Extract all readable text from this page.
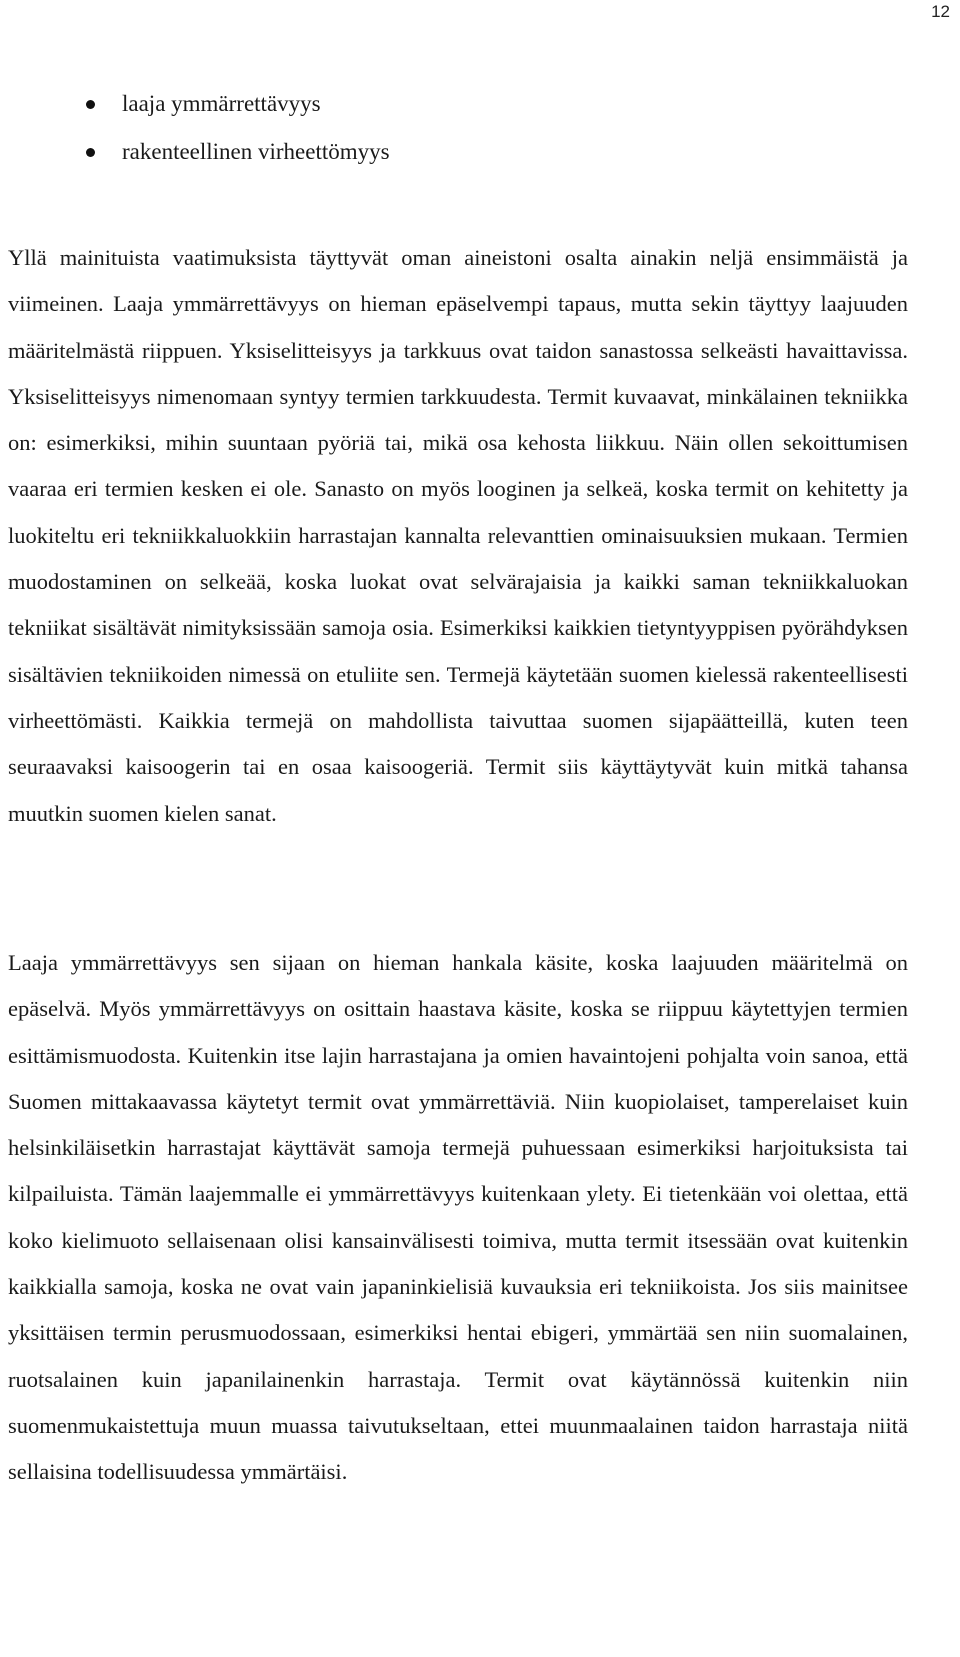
12
laaja ymmärrettävyys
rakenteellinen virheettömyys

Yllä mainituista vaatimuksista täyttyvät oman aineistoni osalta ainakin neljä ensimmäistä ja viimeinen. Laaja ymmärrettävyys on hieman epäselvempi tapaus, mutta sekin täyttyy laajuuden määritelmästä riippuen. Yksiselitteisyys ja tarkkuus ovat taidon sanastossa selkeästi havaittavissa. Yksiselitteisyys nimenomaan syntyy termien tarkkuudesta. Termit kuvaavat, minkälainen tekniikka on: esimerkiksi, mihin suuntaan pyöriä tai, mikä osa kehosta liikkuu. Näin ollen sekoittumisen vaaraa eri termien kesken ei ole. Sanasto on myös looginen ja selkeä, koska termit on kehitetty ja luokiteltu eri tekniikkaluokkiin harrastajan kannalta relevanttien ominaisuuksien mukaan. Termien muodostaminen on selkeää, koska luokat ovat selvärajaisia ja kaikki saman tekniikkaluokan tekniikat sisältävät nimityksissään samoja osia. Esimerkiksi kaikkien tietyntyyppisen pyörähdyksen sisältävien tekniikoiden nimessä on etuliite sen. Termejä käytetään suomen kielessä rakenteellisesti virheettömästi. Kaikkia termejä on mahdollista taivuttaa suomen sijapäätteillä, kuten teen seuraavaksi kaisoogerin tai en osaa kaisoogeriä. Termit siis käyttäytyvät kuin mitkä tahansa muutkin suomen kielen sanat.

Laaja ymmärrettävyys sen sijaan on hieman hankala käsite, koska laajuuden määritelmä on epäselvä. Myös ymmärrettävyys on osittain haastava käsite, koska se riippuu käytettyjen termien esittämismuodosta. Kuitenkin itse lajin harrastajana ja omien havaintojeni pohjalta voin sanoa, että Suomen mittakaavassa käytetyt termit ovat ymmärrettäviä. Niin kuopiolaiset, tamperelaiset kuin helsinkiläisetkin harrastajat käyttävät samoja termejä puhuessaan esimerkiksi harjoituksista tai kilpailuista. Tämän laajemmalle ei ymmärrettävyys kuitenkaan ylety. Ei tietenkään voi olettaa, että koko kielimuoto sellaisenaan olisi kansainvälisesti toimiva, mutta termit itsessään ovat kuitenkin kaikkialla samoja, koska ne ovat vain japaninkielisiä kuvauksia eri tekniikoista. Jos siis mainitsee yksittäisen termin perusmuodossaan, esimerkiksi hentai ebigeri, ymmärtää sen niin suomalainen, ruotsalainen kuin japanilainenkin harrastaja. Termit ovat käytännössä kuitenkin niin suomenmukaistettuja muun muassa taivutukseltaan, ettei muunmaalainen taidon harrastaja niitä sellaisina todellisuudessa ymmärtäisi.
